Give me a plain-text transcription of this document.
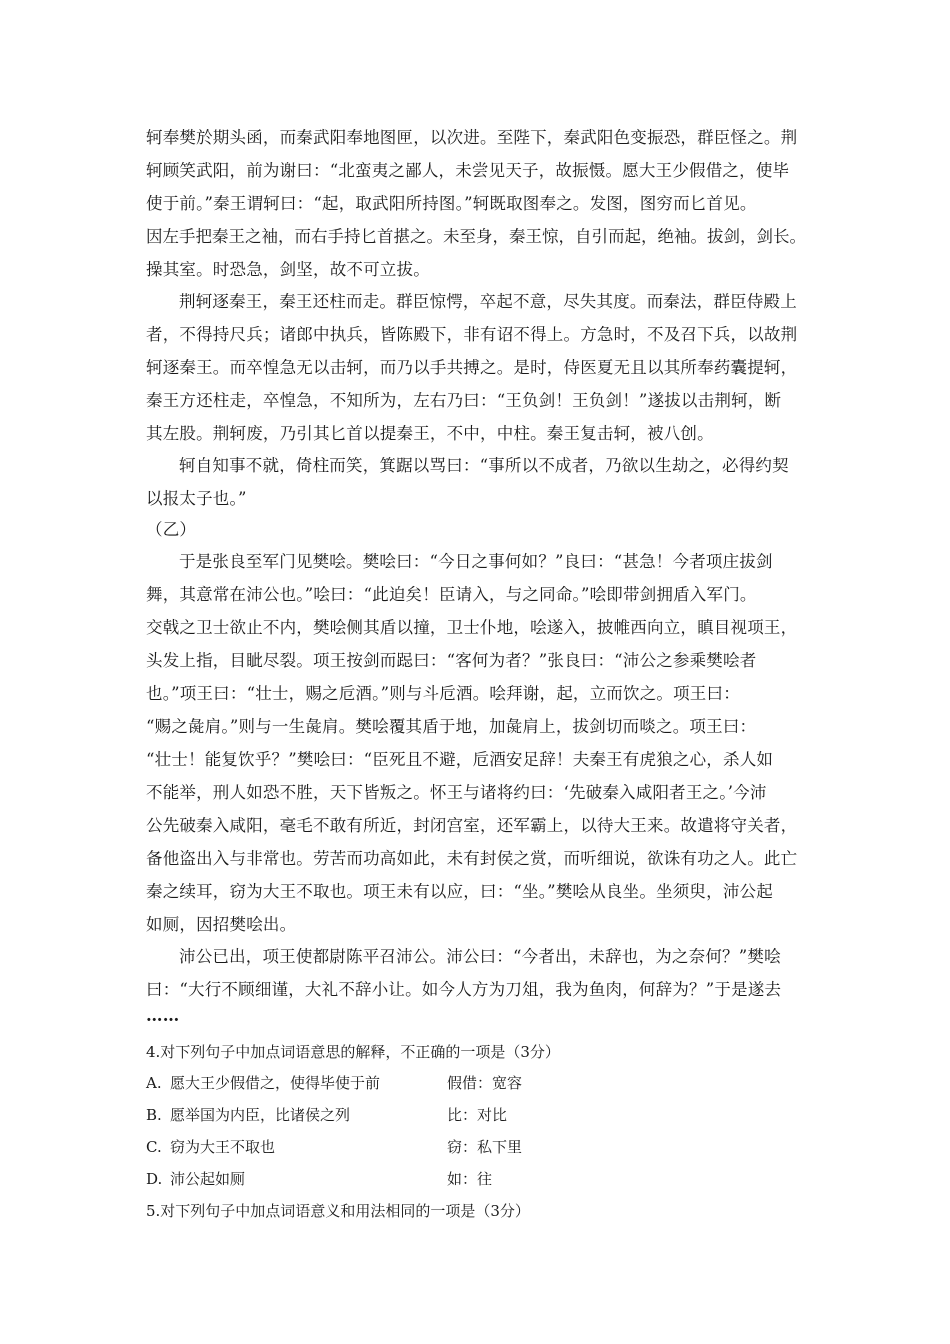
轲奉樊於期头函，而秦武阳奉地图匣，以次进。至陛下，秦武阳色变振恐，群臣怪之。荆
轲顾笑武阳，前为谢曰：“北蛮夷之鄙人，未尝见天子，故振慑。愿大王少假借之，使毕
使于前。”秦王谓轲曰：“起，取武阳所持图。”轲既取图奉之。发图，图穷而匕首见。
因左手把秦王之袖，而右手持匕首揕之。未至身，秦王惊，自引而起，绝袖。拔剑，剑长。
操其室。时恐急，剑坚，故不可立拔。
荆轲逐秦王，秦王还柱而走。群臣惊愕，卒起不意，尽失其度。而秦法，群臣侍殿上
者，不得持尺兵；诸郎中执兵，皆陈殿下，非有诏不得上。方急时，不及召下兵，以故荆
轲逐秦王。而卒惶急无以击轲，而乃以手共搏之。是时，侍医夏无且以其所奉药囊提轲，
秦王方还柱走，卒惶急，不知所为，左右乃曰：“王负剑！王负剑！”遂拔以击荆轲，断
其左股。荆轲废，乃引其匕首以提秦王，不中，中柱。秦王复击轲，被八创。
轲自知事不就，倚柱而笑，箕踞以骂曰：“事所以不成者，乃欲以生劫之，必得约契
以报太子也。”
（乙）
于是张良至军门见樊哙。樊哙曰：“今日之事何如？”良曰：“甚急！今者项庄拔剑
舞，其意常在沛公也。”哙曰：“此迫矣！臣请入，与之同命。”哙即带剑拥盾入军门。
交戟之卫士欲止不内，樊哙侧其盾以撞，卫士仆地，哙遂入，披帷西向立，瞋目视项王，
头发上指，目眦尽裂。项王按剑而跽曰：“客何为者？”张良曰：“沛公之参乘樊哙者
也。”项王曰：“壮士，赐之卮酒。”则与斗卮酒。哙拜谢，起，立而饮之。项王曰：
“赐之彘肩。”则与一生彘肩。樊哙覆其盾于地，加彘肩上，拔剑切而啖之。项王曰：
“壮士！能复饮乎？”樊哙曰：“臣死且不避，卮酒安足辞！夫秦王有虎狼之心，杀人如
不能举，刑人如恐不胜，天下皆叛之。怀王与诸将约曰：‘先破秦入咸阳者王之。’今沛
公先破秦入咸阳，毫毛不敢有所近，封闭宫室，还军霸上，以待大王来。故遣将守关者，
备他盗出入与非常也。劳苦而功高如此，未有封侯之赏，而听细说，欲诛有功之人。此亡
秦之续耳，窃为大王不取也。项王未有以应，曰：“坐。”樊哙从良坐。坐须臾，沛公起
如厕，因招樊哙出。
沛公已出，项王使都尉陈平召沛公。沛公曰：“今者出，未辞也，为之奈何？”樊哙
曰：“大行不顾细谨，大礼不辞小让。如今人方为刀俎，我为鱼肉，何辞为？”于是遂去
……
4.对下列句子中加点词语意思的解释，不正确的一项是（3分）
A. 愿大王少假借之，使得毕使于前	假借：宽容
B. 愿举国为内臣，比诸侯之列	比：对比
C. 窃为大王不取也	窃：私下里
D. 沛公起如厕	如：往
5.对下列句子中加点词语意义和用法相同的一项是（3分）
